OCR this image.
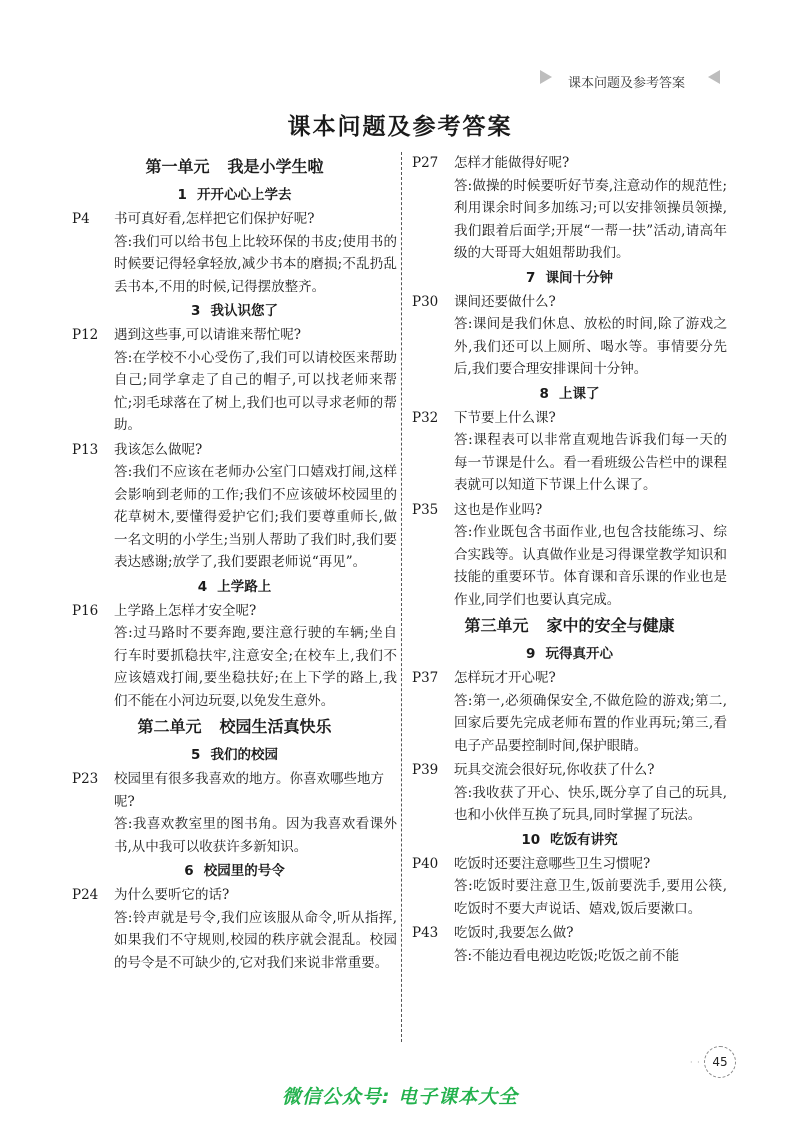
课本问题及参考答案
课本问题及参考答案
第一单元 我是小学生啦
1 开开心心上学去
P4	书可真好看,怎样把它们保护好呢?
答:我们可以给书包上比较环保的书皮;使用书的时候要记得轻拿轻放,减少书本的磨损;不乱扔乱丢书本,不用的时候,记得摆放整齐。
3 我认识您了
P12	遇到这些事,可以请谁来帮忙呢?
答:在学校不小心受伤了,我们可以请校医来帮助自己;同学拿走了自己的帽子,可以找老师来帮忙;羽毛球落在了树上,我们也可以寻求老师的帮助。
P13	我该怎么做呢?
答:我们不应该在老师办公室门口嬉戏打闹,这样会影响到老师的工作;我们不应该破坏校园里的花草树木,要懂得爱护它们;我们要尊重师长,做一名文明的小学生;当别人帮助了我们时,我们要表达感谢;放学了,我们要跟老师说“再见”。
4 上学路上
P16	上学路上怎样才安全呢?
答:过马路时不要奔跑,要注意行驶的车辆;坐自行车时要抓稳扶牢,注意安全;在校车上,我们不应该嬉戏打闹,要坐稳扶好;在上下学的路上,我们不能在小河边玩耍,以免发生意外。
第二单元 校园生活真快乐
5 我们的校园
P23	校园里有很多我喜欢的地方。你喜欢哪些地方呢?
答:我喜欢教室里的图书角。因为我喜欢看课外书,从中我可以收获许多新知识。
6 校园里的号令
P24	为什么要听它的话?
答:铃声就是号令,我们应该服从命令,听从指挥,如果我们不守规则,校园的秩序就会混乱。校园的号令是不可缺少的,它对我们来说非常重要。
P27	怎样才能做得好呢?
答:做操的时候要听好节奏,注意动作的规范性;利用课余时间多加练习;可以安排领操员领操,我们跟着后面学;开展“一帮一扶”活动,请高年级的大哥哥大姐姐帮助我们。
7 课间十分钟
P30	课间还要做什么?
答:课间是我们休息、放松的时间,除了游戏之外,我们还可以上厕所、喝水等。事情要分先后,我们要合理安排课间十分钟。
8 上课了
P32	下节要上什么课?
答:课程表可以非常直观地告诉我们每一天的每一节课是什么。看一看班级公告栏中的课程表就可以知道下节课上什么课了。
P35	这也是作业吗?
答:作业既包含书面作业,也包含技能练习、综合实践等。认真做作业是习得课堂教学知识和技能的重要环节。体育课和音乐课的作业也是作业,同学们也要认真完成。
第三单元 家中的安全与健康
9 玩得真开心
P37	怎样玩才开心呢?
答:第一,必须确保安全,不做危险的游戏;第二,回家后要先完成老师布置的作业再玩;第三,看电子产品要控制时间,保护眼睛。
P39	玩具交流会很好玩,你收获了什么?
答:我收获了开心、快乐,既分享了自己的玩具,也和小伙伴互换了玩具,同时掌握了玩法。
10 吃饭有讲究
P40	吃饭时还要注意哪些卫生习惯呢?
答:吃饭时要注意卫生,饭前要洗手,要用公筷,吃饭时不要大声说话、嬉戏,饭后要漱口。
P43	吃饭时,我要怎么做?
答:不能边看电视边吃饭;吃饭之前不能
· · 45
微信公众号: 电子课本大全
